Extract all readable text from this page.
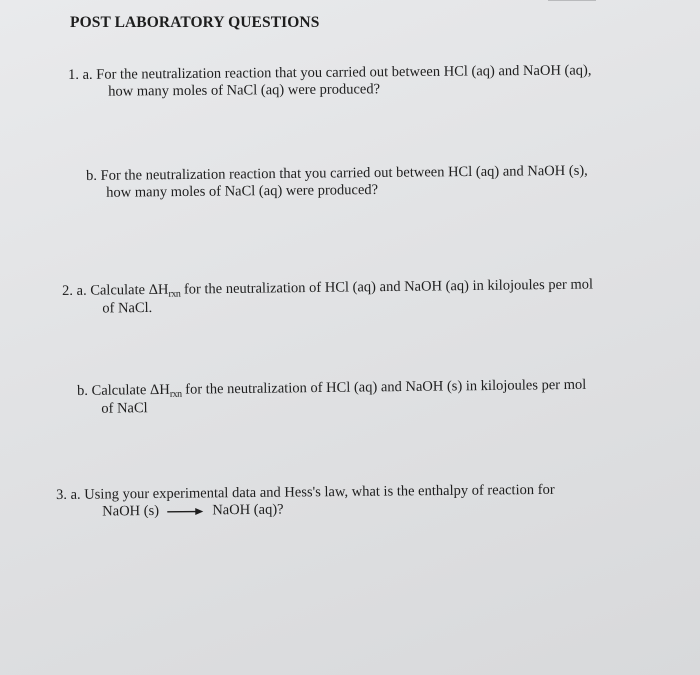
POST LABORATORY QUESTIONS
1. a. For the neutralization reaction that you carried out between HCl (aq) and NaOH (aq),
how many moles of NaCl (aq) were produced?
b. For the neutralization reaction that you carried out between HCl (aq) and NaOH (s),
how many moles of NaCl (aq) were produced?
2. a. Calculate $\Delta H_{rxn}$ for the neutralization of HCl (aq) and NaOH (aq) in kilojoules per mol
of NaCl.
b. Calculate $\Delta H_{rxn}$ for the neutralization of HCl (aq) and NaOH (s) in kilojoules per mol
of NaCl
3. a. Using your experimental data and Hess's law, what is the enthalpy of reaction for
NaOH (s) → NaOH (aq)?
